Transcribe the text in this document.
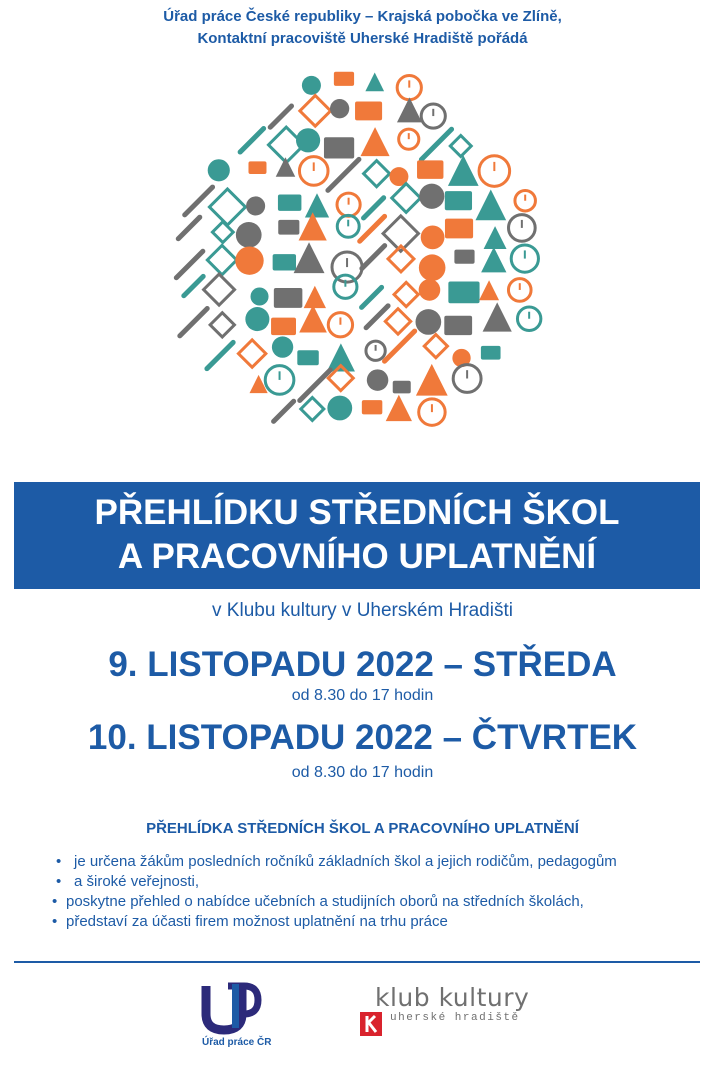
Úřad práce České republiky – Krajská pobočka ve Zlíně,
Kontaktní pracoviště Uherské Hradiště pořádá
PŘEHLÍDKU STŘEDNÍCH ŠKOL
A PRACOVNÍHO UPLATNĚNÍ
v Klubu kultury v Uherském Hradišti
9. LISTOPADU 2022 – STŘEDA
od 8.30 do 17 hodin
10. LISTOPADU 2022 – ČTVRTEK
od 8.30 do 17 hodin
PŘEHLÍDKA STŘEDNÍCH ŠKOL A PRACOVNÍHO UPLATNĚNÍ
• je určena žákům posledních ročníků základních škol a jejich rodičům, pedagogům
• a široké veřejnosti,
• poskytne přehled o nabídce učebních a studijních oborů na středních školách,
• představí za účasti firem možnost uplatnění na trhu práce
Úřad práce ČR
klub kultury
uherské hradiště
